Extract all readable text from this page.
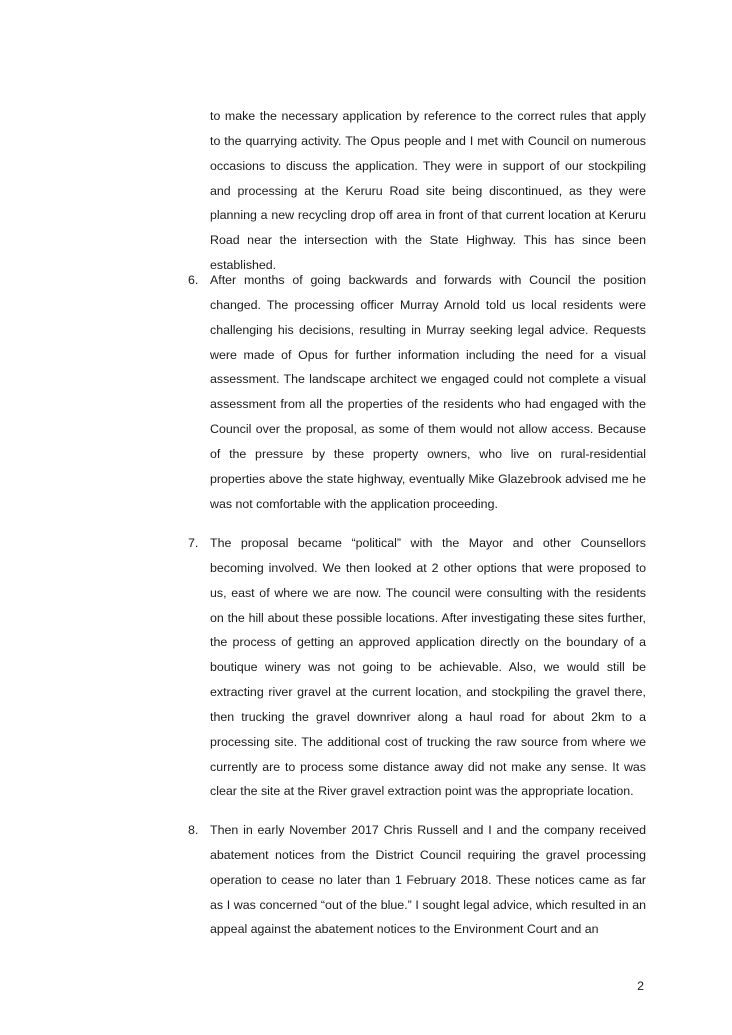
to make the necessary application by reference to the correct rules that apply to the quarrying activity. The Opus people and I met with Council on numerous occasions to discuss the application. They were in support of our stockpiling and processing at the Keruru Road site being discontinued, as they were planning a new recycling drop off area in front of that current location at Keruru Road near the intersection with the State Highway. This has since been established.

6. After months of going backwards and forwards with Council the position changed. The processing officer Murray Arnold told us local residents were challenging his decisions, resulting in Murray seeking legal advice. Requests were made of Opus for further information including the need for a visual assessment. The landscape architect we engaged could not complete a visual assessment from all the properties of the residents who had engaged with the Council over the proposal, as some of them would not allow access. Because of the pressure by these property owners, who live on rural-residential properties above the state highway, eventually Mike Glazebrook advised me he was not comfortable with the application proceeding.

7. The proposal became “political” with the Mayor and other Counsellors becoming involved. We then looked at 2 other options that were proposed to us, east of where we are now. The council were consulting with the residents on the hill about these possible locations. After investigating these sites further, the process of getting an approved application directly on the boundary of a boutique winery was not going to be achievable. Also, we would still be extracting river gravel at the current location, and stockpiling the gravel there, then trucking the gravel downriver along a haul road for about 2km to a processing site. The additional cost of trucking the raw source from where we currently are to process some distance away did not make any sense. It was clear the site at the River gravel extraction point was the appropriate location.

8. Then in early November 2017 Chris Russell and I and the company received abatement notices from the District Council requiring the gravel processing operation to cease no later than 1 February 2018. These notices came as far as I was concerned “out of the blue.” I sought legal advice, which resulted in an appeal against the abatement notices to the Environment Court and an

2
